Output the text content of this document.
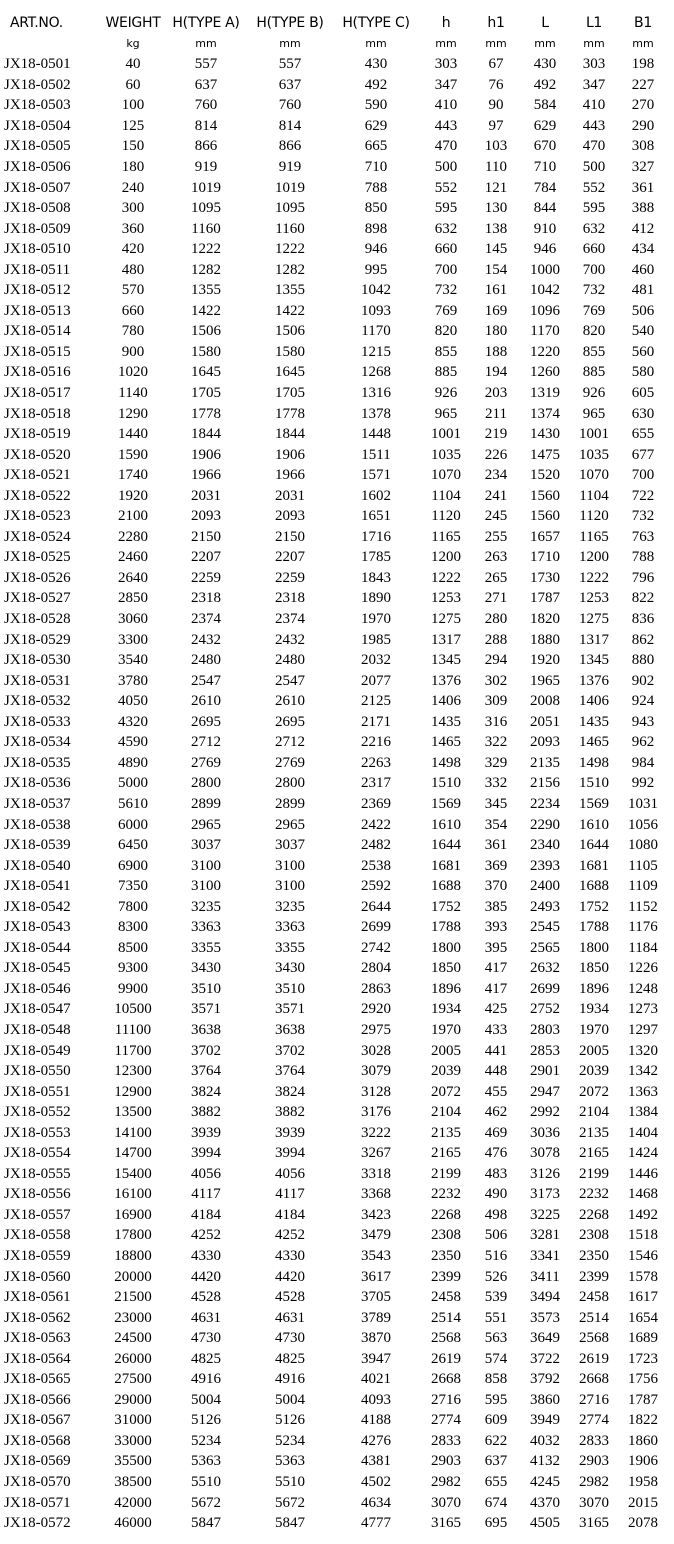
ART.NO.	WEIGHT	H(TYPE A)	H(TYPE B)	H(TYPE C)	h	h1	L	L1	B1
	kg	mm	mm	mm	mm	mm	mm	mm	mm
JX18-0501	40	557	557	430	303	67	430	303	198
JX18-0502	60	637	637	492	347	76	492	347	227
JX18-0503	100	760	760	590	410	90	584	410	270
JX18-0504	125	814	814	629	443	97	629	443	290
JX18-0505	150	866	866	665	470	103	670	470	308
JX18-0506	180	919	919	710	500	110	710	500	327
JX18-0507	240	1019	1019	788	552	121	784	552	361
JX18-0508	300	1095	1095	850	595	130	844	595	388
JX18-0509	360	1160	1160	898	632	138	910	632	412
JX18-0510	420	1222	1222	946	660	145	946	660	434
JX18-0511	480	1282	1282	995	700	154	1000	700	460
JX18-0512	570	1355	1355	1042	732	161	1042	732	481
JX18-0513	660	1422	1422	1093	769	169	1096	769	506
JX18-0514	780	1506	1506	1170	820	180	1170	820	540
JX18-0515	900	1580	1580	1215	855	188	1220	855	560
JX18-0516	1020	1645	1645	1268	885	194	1260	885	580
JX18-0517	1140	1705	1705	1316	926	203	1319	926	605
JX18-0518	1290	1778	1778	1378	965	211	1374	965	630
JX18-0519	1440	1844	1844	1448	1001	219	1430	1001	655
JX18-0520	1590	1906	1906	1511	1035	226	1475	1035	677
JX18-0521	1740	1966	1966	1571	1070	234	1520	1070	700
JX18-0522	1920	2031	2031	1602	1104	241	1560	1104	722
JX18-0523	2100	2093	2093	1651	1120	245	1560	1120	732
JX18-0524	2280	2150	2150	1716	1165	255	1657	1165	763
JX18-0525	2460	2207	2207	1785	1200	263	1710	1200	788
JX18-0526	2640	2259	2259	1843	1222	265	1730	1222	796
JX18-0527	2850	2318	2318	1890	1253	271	1787	1253	822
JX18-0528	3060	2374	2374	1970	1275	280	1820	1275	836
JX18-0529	3300	2432	2432	1985	1317	288	1880	1317	862
JX18-0530	3540	2480	2480	2032	1345	294	1920	1345	880
JX18-0531	3780	2547	2547	2077	1376	302	1965	1376	902
JX18-0532	4050	2610	2610	2125	1406	309	2008	1406	924
JX18-0533	4320	2695	2695	2171	1435	316	2051	1435	943
JX18-0534	4590	2712	2712	2216	1465	322	2093	1465	962
JX18-0535	4890	2769	2769	2263	1498	329	2135	1498	984
JX18-0536	5000	2800	2800	2317	1510	332	2156	1510	992
JX18-0537	5610	2899	2899	2369	1569	345	2234	1569	1031
JX18-0538	6000	2965	2965	2422	1610	354	2290	1610	1056
JX18-0539	6450	3037	3037	2482	1644	361	2340	1644	1080
JX18-0540	6900	3100	3100	2538	1681	369	2393	1681	1105
JX18-0541	7350	3100	3100	2592	1688	370	2400	1688	1109
JX18-0542	7800	3235	3235	2644	1752	385	2493	1752	1152
JX18-0543	8300	3363	3363	2699	1788	393	2545	1788	1176
JX18-0544	8500	3355	3355	2742	1800	395	2565	1800	1184
JX18-0545	9300	3430	3430	2804	1850	417	2632	1850	1226
JX18-0546	9900	3510	3510	2863	1896	417	2699	1896	1248
JX18-0547	10500	3571	3571	2920	1934	425	2752	1934	1273
JX18-0548	11100	3638	3638	2975	1970	433	2803	1970	1297
JX18-0549	11700	3702	3702	3028	2005	441	2853	2005	1320
JX18-0550	12300	3764	3764	3079	2039	448	2901	2039	1342
JX18-0551	12900	3824	3824	3128	2072	455	2947	2072	1363
JX18-0552	13500	3882	3882	3176	2104	462	2992	2104	1384
JX18-0553	14100	3939	3939	3222	2135	469	3036	2135	1404
JX18-0554	14700	3994	3994	3267	2165	476	3078	2165	1424
JX18-0555	15400	4056	4056	3318	2199	483	3126	2199	1446
JX18-0556	16100	4117	4117	3368	2232	490	3173	2232	1468
JX18-0557	16900	4184	4184	3423	2268	498	3225	2268	1492
JX18-0558	17800	4252	4252	3479	2308	506	3281	2308	1518
JX18-0559	18800	4330	4330	3543	2350	516	3341	2350	1546
JX18-0560	20000	4420	4420	3617	2399	526	3411	2399	1578
JX18-0561	21500	4528	4528	3705	2458	539	3494	2458	1617
JX18-0562	23000	4631	4631	3789	2514	551	3573	2514	1654
JX18-0563	24500	4730	4730	3870	2568	563	3649	2568	1689
JX18-0564	26000	4825	4825	3947	2619	574	3722	2619	1723
JX18-0565	27500	4916	4916	4021	2668	858	3792	2668	1756
JX18-0566	29000	5004	5004	4093	2716	595	3860	2716	1787
JX18-0567	31000	5126	5126	4188	2774	609	3949	2774	1822
JX18-0568	33000	5234	5234	4276	2833	622	4032	2833	1860
JX18-0569	35500	5363	5363	4381	2903	637	4132	2903	1906
JX18-0570	38500	5510	5510	4502	2982	655	4245	2982	1958
JX18-0571	42000	5672	5672	4634	3070	674	4370	3070	2015
JX18-0572	46000	5847	5847	4777	3165	695	4505	3165	2078
